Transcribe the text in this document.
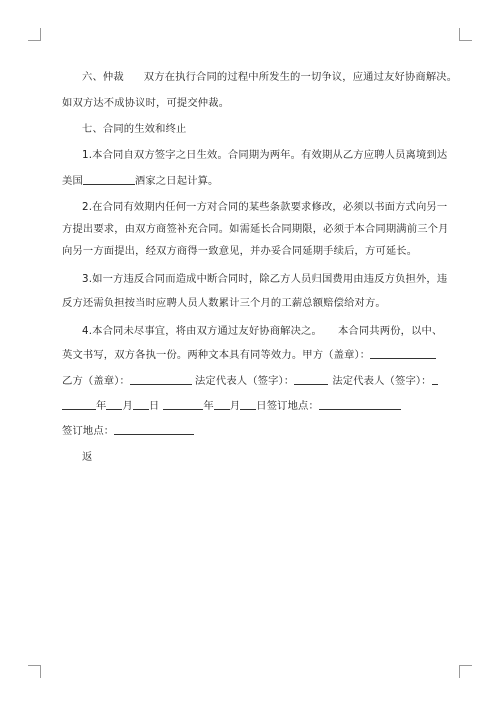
六、仲裁 双方在执行合同的过程中所发生的一切争议，应通过友好协商解决。
如双方达不成协议时，可提交仲裁。
七、合同的生效和终止
1.本合同自双方签字之日生效。合同期为两年。有效期从乙方应聘人员离境到达
美国	酒家之日起计算。
2.在合同有效期内任何一方对合同的某些条款要求修改，必须以书面方式向另一
方提出要求，由双方商签补充合同。如需延长合同期限，必须于本合同期满前三个月
向另一方面提出，经双方商得一致意见，并办妥合同延期手续后，方可延长。
3.如一方违反合同而造成中断合同时，除乙方人员归国费用由违反方负担外，违
反方还需负担按当时应聘人员人数累计三个月的工薪总额赔偿给对方。
4.本合同未尽事宜，将由双方通过友好协商解决之。 本合同共两份，以中、
英文书写，双方各执一份。两种文本具有同等效力。甲方（盖章）：
乙方（盖章）：	法定代表人（签字）：	法定代表人（签字）：
年 月 日	年 月 日签订地点：
签订地点：
返
